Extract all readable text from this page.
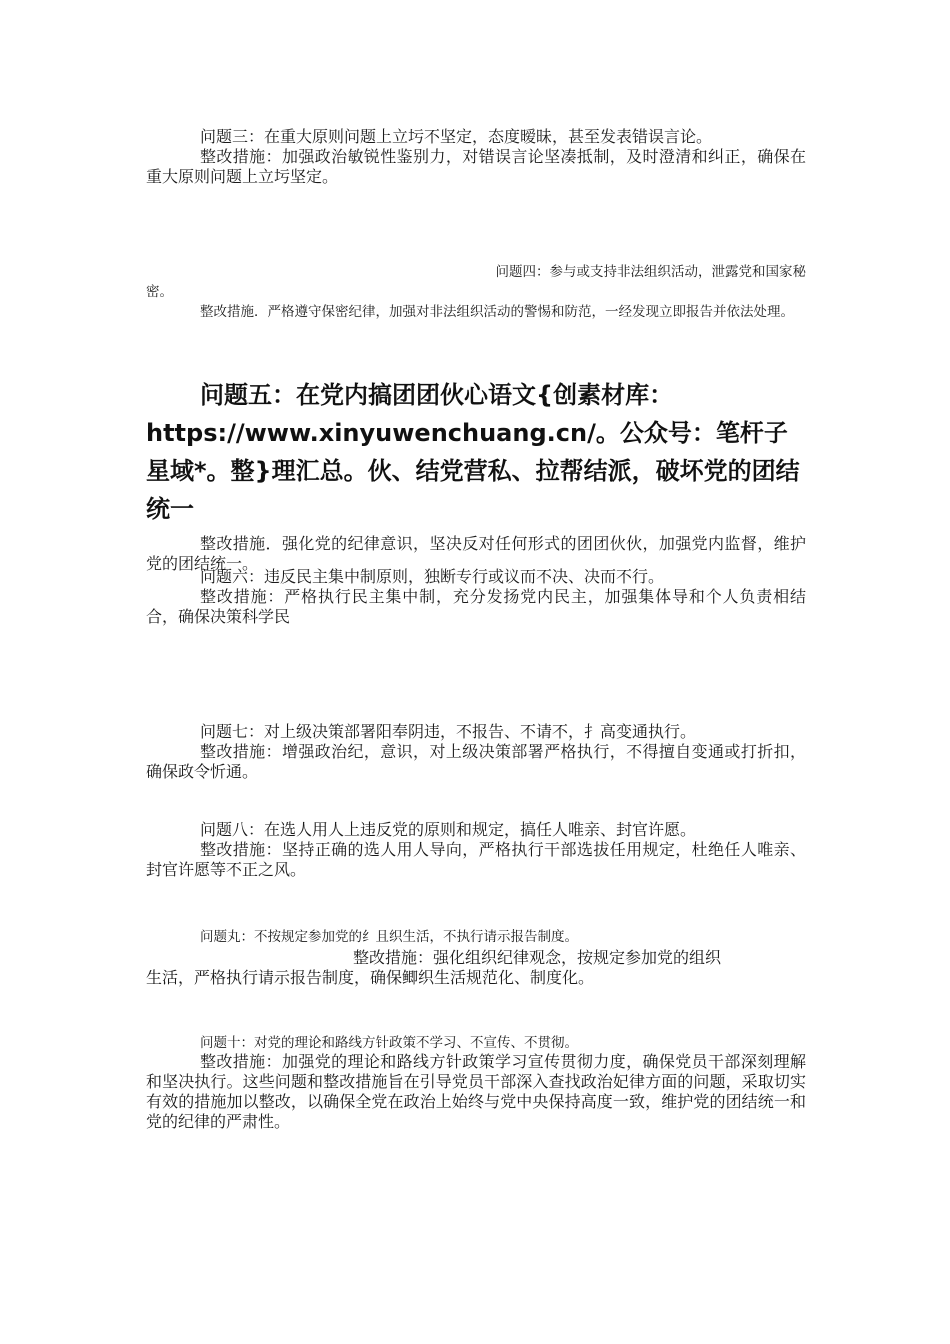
问题三：在重大原则问题上立圬不坚定，态度暧昧，甚至发表错误言论。

整改措施：加强政治敏锐性鉴别力，对错误言论坚凑抵制，及时澄清和纠正，确保在重大原则问题上立圬坚定。

问题四：参与或支持非法组织活动，泄露党和国家秘

密。

整改措施．严格遵守保密纪律，加强对非法组织活动的警惕和防范，一经发现立即报告并依法处理。

问题五：在党内搞团团伙心语文{创素材库：https://www.xinyuwenchuang.cn/。公众号：笔杆子星域*。整}理汇总。伙、结党营私、拉帮结派，破坏党的团结统一

整改措施．强化党的纪律意识，坚决反对任何形式的团团伙伙，加强党内监督，维护党的团结统一。

问题六：违反民主集中制原则，独断专行或议而不决、决而不行。

整改措施：严格执行民主集中制，充分发扬党内民主，加强集体导和个人负责相结合，确保决策科学民

问题七：对上级决策部署阳奉阴违，不报告、不请不，扌高变通执行。

整改措施：增强政治纪，意识，对上级决策部署严格执行，不得擅自变通或打折扣，确保政令忻通。

问题八：在选人用人上违反党的原则和规定，搞任人唯亲、封官许愿。

整改措施：坚持正确的选人用人导向，严格执行干部选拔任用规定，杜绝任人唯亲、封官许愿等不正之风。

问题丸：不按规定参加党的纟且织生活，不执行请示报告制度。

整改措施：强化组织纪律观念，按规定参加党的组织

生活，严格执行请示报告制度，确保鲫织生活规范化、制度化。

问题十：对党的理论和路线方针政策不学习、不宣传、不贯彻。

整改措施：加强党的理论和路线方针政策学习宣传贯彻力度，确保党员干部深刻理解和坚决执行。这些问题和整改措施旨在引导党员干部深入查找政治妃律方面的问题，采取切实有效的措施加以整改，以确保全党在政治上始终与党中央保持高度一致，维护党的团结统一和党的纪律的严肃性。
